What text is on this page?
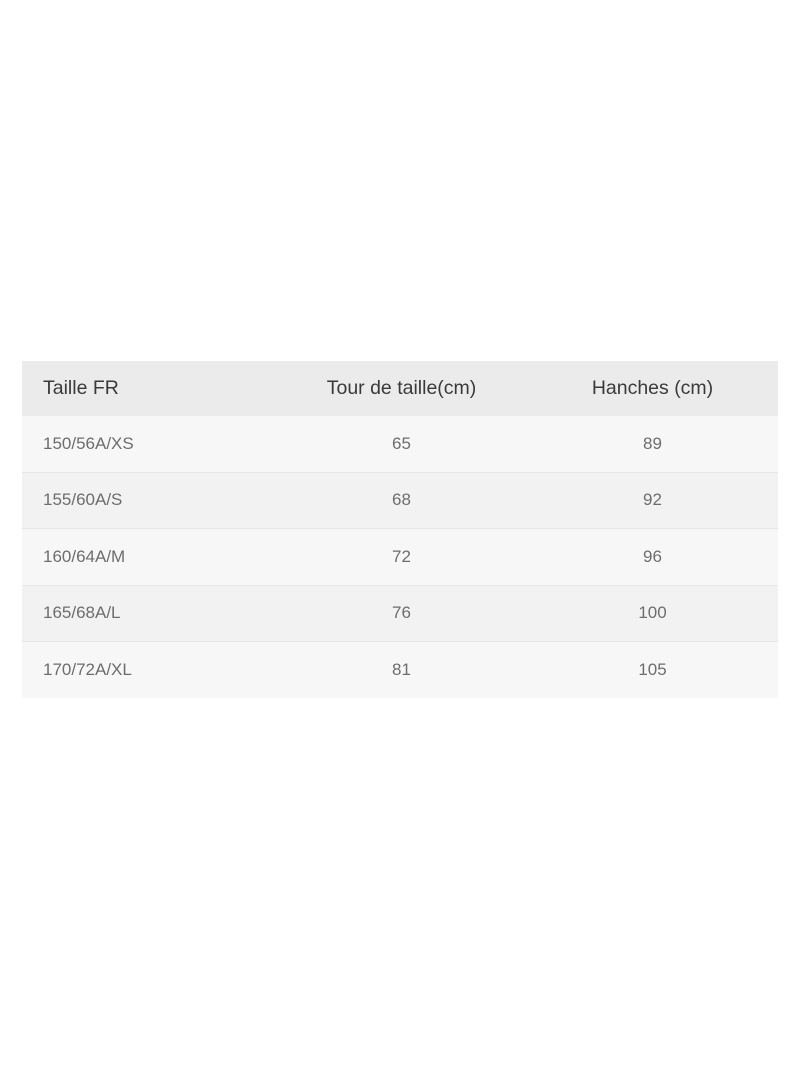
Taille FR	Tour de taille(cm)	Hanches (cm)
150/56A/XS	65	89
155/60A/S	68	92
160/64A/M	72	96
165/68A/L	76	100
170/72A/XL	81	105
